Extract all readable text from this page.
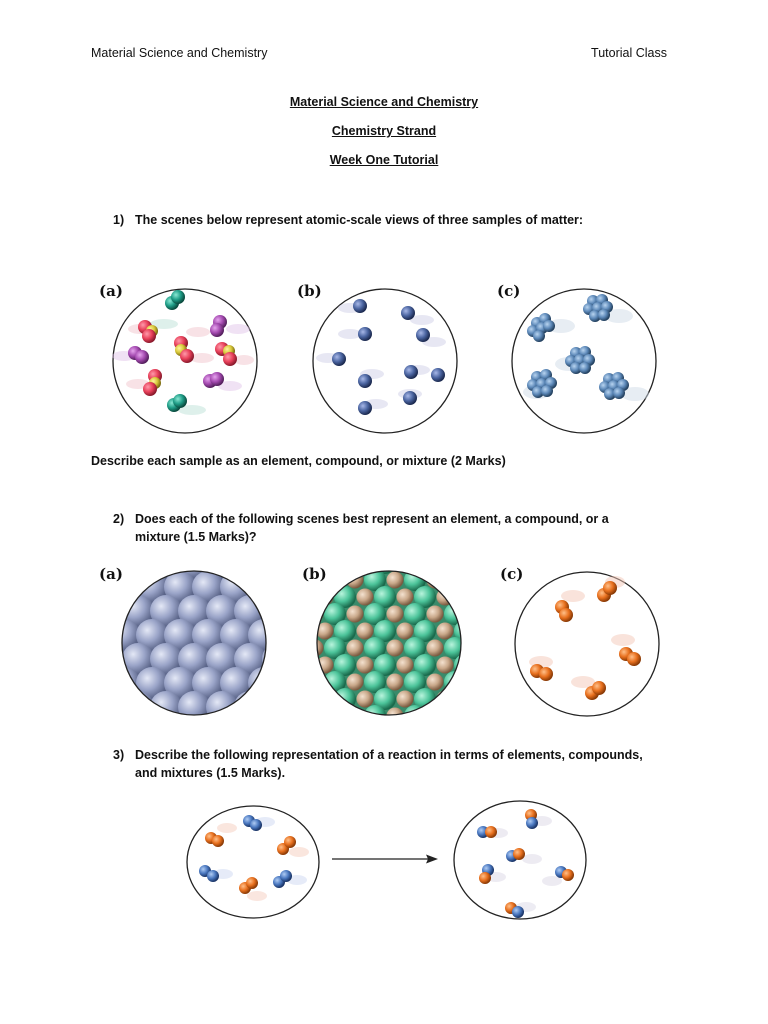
Material Science and Chemistry	Tutorial Class
Material Science and Chemistry
Chemistry Strand
Week One Tutorial
1) The scenes below represent atomic-scale views of three samples of matter:
(a)	(b)	(c)
Describe each sample as an element, compound, or mixture (2 Marks)
2) Does each of the following scenes best represent an element, a compound, or a mixture (1.5 Marks)?
(a)	(b)	(c)
3) Describe the following representation of a reaction in terms of elements, compounds, and mixtures (1.5 Marks).
